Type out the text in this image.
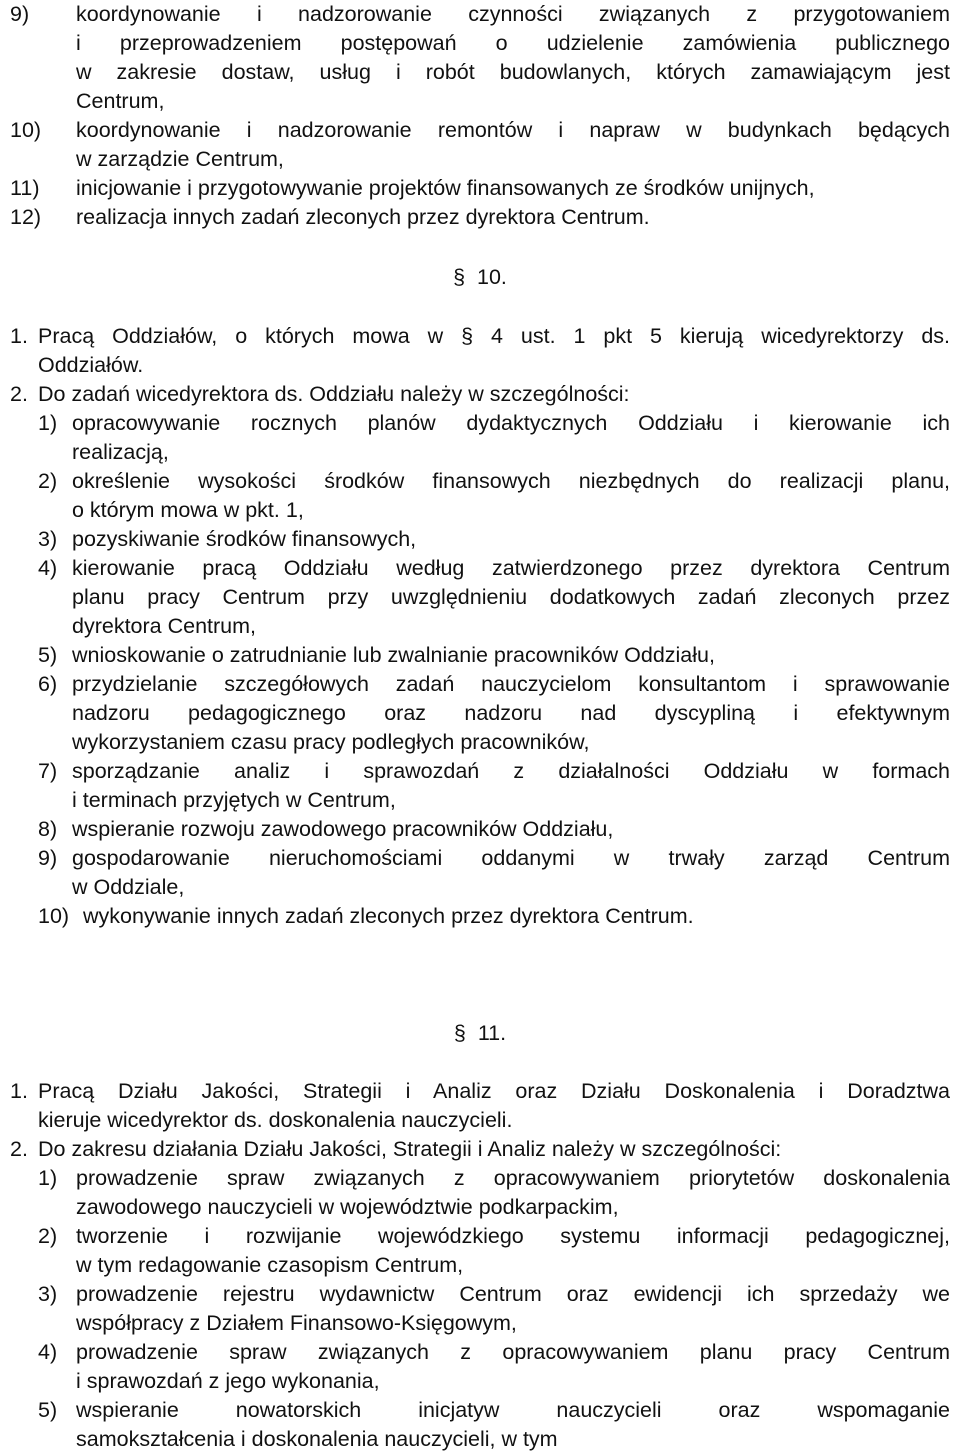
9) koordynowanie i nadzorowanie czynności związanych z przygotowaniem
i przeprowadzeniem postępowań o udzielenie zamówienia publicznego
w zakresie dostaw, usług i robót budowlanych, których zamawiającym jest
Centrum,
10) koordynowanie i nadzorowanie remontów i napraw w budynkach będących
w zarządzie Centrum,
11) inicjowanie i przygotowywanie projektów finansowanych ze środków unijnych,
12) realizacja innych zadań zleconych przez dyrektora Centrum.
§ 10.
1. Pracą Oddziałów, o których mowa w § 4 ust. 1 pkt 5 kierują wicedyrektorzy ds.
Oddziałów.
2. Do zadań wicedyrektora ds. Oddziału należy w szczególności:
1) opracowywanie rocznych planów dydaktycznych Oddziału i kierowanie ich
realizacją,
2) określenie wysokości środków finansowych niezbędnych do realizacji planu,
o którym mowa w pkt. 1,
3) pozyskiwanie środków finansowych,
4) kierowanie pracą Oddziału według zatwierdzonego przez dyrektora Centrum
planu pracy Centrum przy uwzględnieniu dodatkowych zadań zleconych przez
dyrektora Centrum,
5) wnioskowanie o zatrudnianie lub zwalnianie pracowników Oddziału,
6) przydzielanie szczegółowych zadań nauczycielom konsultantom i sprawowanie
nadzoru pedagogicznego oraz nadzoru nad dyscypliną i efektywnym
wykorzystaniem czasu pracy podległych pracowników,
7) sporządzanie analiz i sprawozdań z działalności Oddziału w formach
i terminach przyjętych w Centrum,
8) wspieranie rozwoju zawodowego pracowników Oddziału,
9) gospodarowanie nieruchomościami oddanymi w trwały zarząd Centrum
w Oddziale,
10) wykonywanie innych zadań zleconych przez dyrektora Centrum.
§ 11.
1. Pracą Działu Jakości, Strategii i Analiz oraz Działu Doskonalenia i Doradztwa
kieruje wicedyrektor ds. doskonalenia nauczycieli.
2. Do zakresu działania Działu Jakości, Strategii i Analiz należy w szczególności:
1) prowadzenie spraw związanych z opracowywaniem priorytetów doskonalenia
zawodowego nauczycieli w województwie podkarpackim,
2) tworzenie i rozwijanie wojewódzkiego systemu informacji pedagogicznej,
w tym redagowanie czasopism Centrum,
3) prowadzenie rejestru wydawnictw Centrum oraz ewidencji ich sprzedaży we
współpracy z Działem Finansowo-Księgowym,
4) prowadzenie spraw związanych z opracowywaniem planu pracy Centrum
i sprawozdań z jego wykonania,
5) wspieranie nowatorskich inicjatyw nauczycieli oraz wspomaganie
samokształcenia i doskonalenia nauczycieli, w tym
